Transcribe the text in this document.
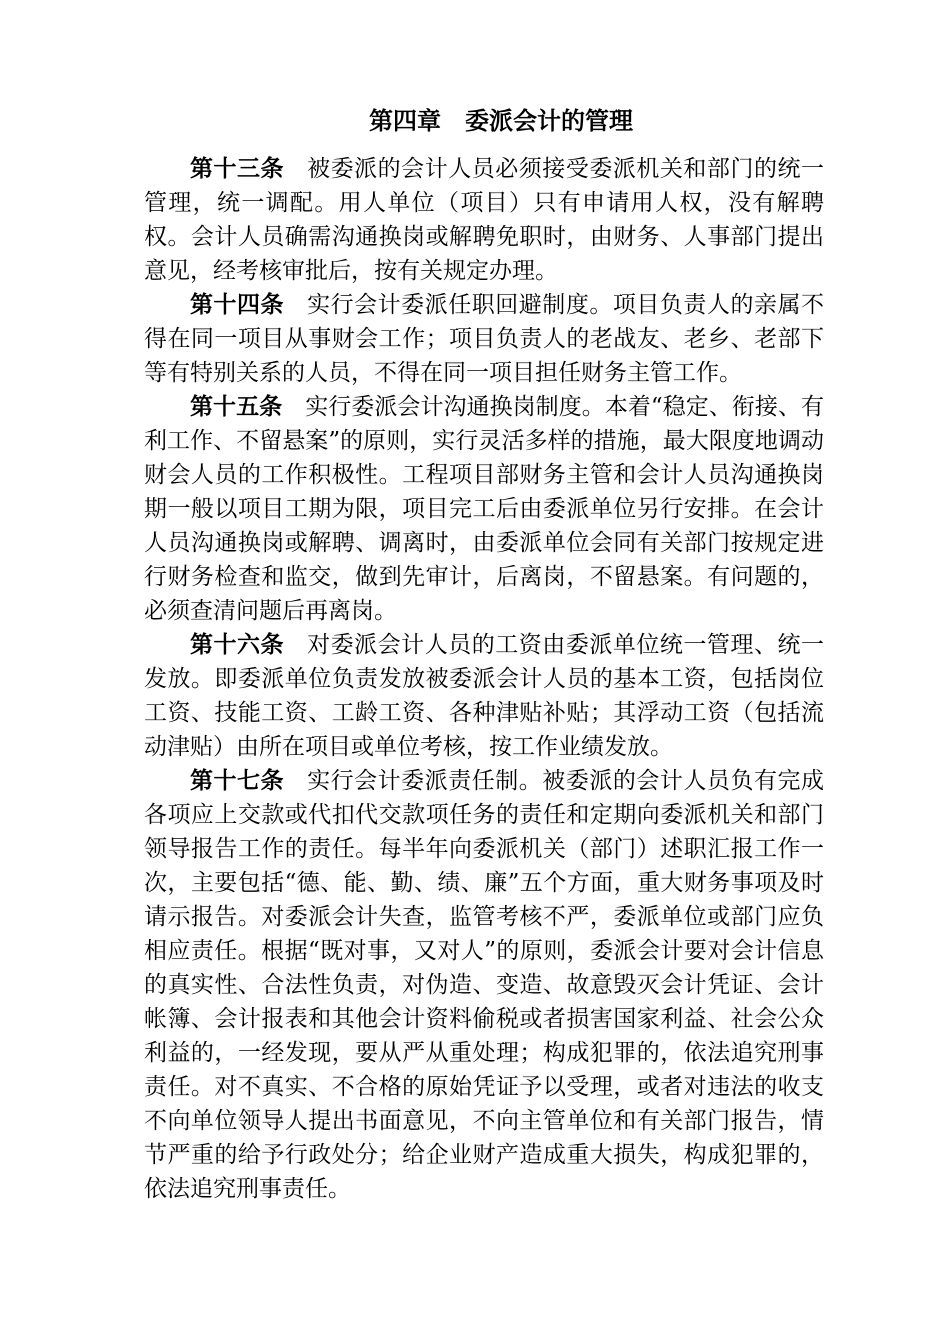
第四章　委派会计的管理

第十三条 被委派的会计人员必须接受委派机关和部门的统一管理，统一调配。用人单位（项目）只有申请用人权，没有解聘权。会计人员确需沟通换岗或解聘免职时，由财务、人事部门提出意见，经考核审批后，按有关规定办理。

第十四条 实行会计委派任职回避制度。项目负责人的亲属不得在同一项目从事财会工作；项目负责人的老战友、老乡、老部下等有特别关系的人员，不得在同一项目担任财务主管工作。

第十五条 实行委派会计沟通换岗制度。本着“稳定、衔接、有利工作、不留悬案”的原则，实行灵活多样的措施，最大限度地调动财会人员的工作积极性。工程项目部财务主管和会计人员沟通换岗期一般以项目工期为限，项目完工后由委派单位另行安排。在会计人员沟通换岗或解聘、调离时，由委派单位会同有关部门按规定进行财务检查和监交，做到先审计，后离岗，不留悬案。有问题的，必须查清问题后再离岗。

第十六条 对委派会计人员的工资由委派单位统一管理、统一发放。即委派单位负责发放被委派会计人员的基本工资，包括岗位工资、技能工资、工龄工资、各种津贴补贴；其浮动工资（包括流动津贴）由所在项目或单位考核，按工作业绩发放。

第十七条 实行会计委派责任制。被委派的会计人员负有完成各项应上交款或代扣代交款项任务的责任和定期向委派机关和部门领导报告工作的责任。每半年向委派机关（部门）述职汇报工作一次，主要包括“德、能、勤、绩、廉”五个方面，重大财务事项及时请示报告。对委派会计失查，监管考核不严，委派单位或部门应负相应责任。根据“既对事，又对人”的原则，委派会计要对会计信息的真实性、合法性负责，对伪造、变造、故意毁灭会计凭证、会计帐簿、会计报表和其他会计资料偷税或者损害国家利益、社会公众利益的，一经发现，要从严从重处理；构成犯罪的，依法追究刑事责任。对不真实、不合格的原始凭证予以受理，或者对违法的收支不向单位领导人提出书面意见，不向主管单位和有关部门报告，情节严重的给予行政处分；给企业财产造成重大损失，构成犯罪的，依法追究刑事责任。
